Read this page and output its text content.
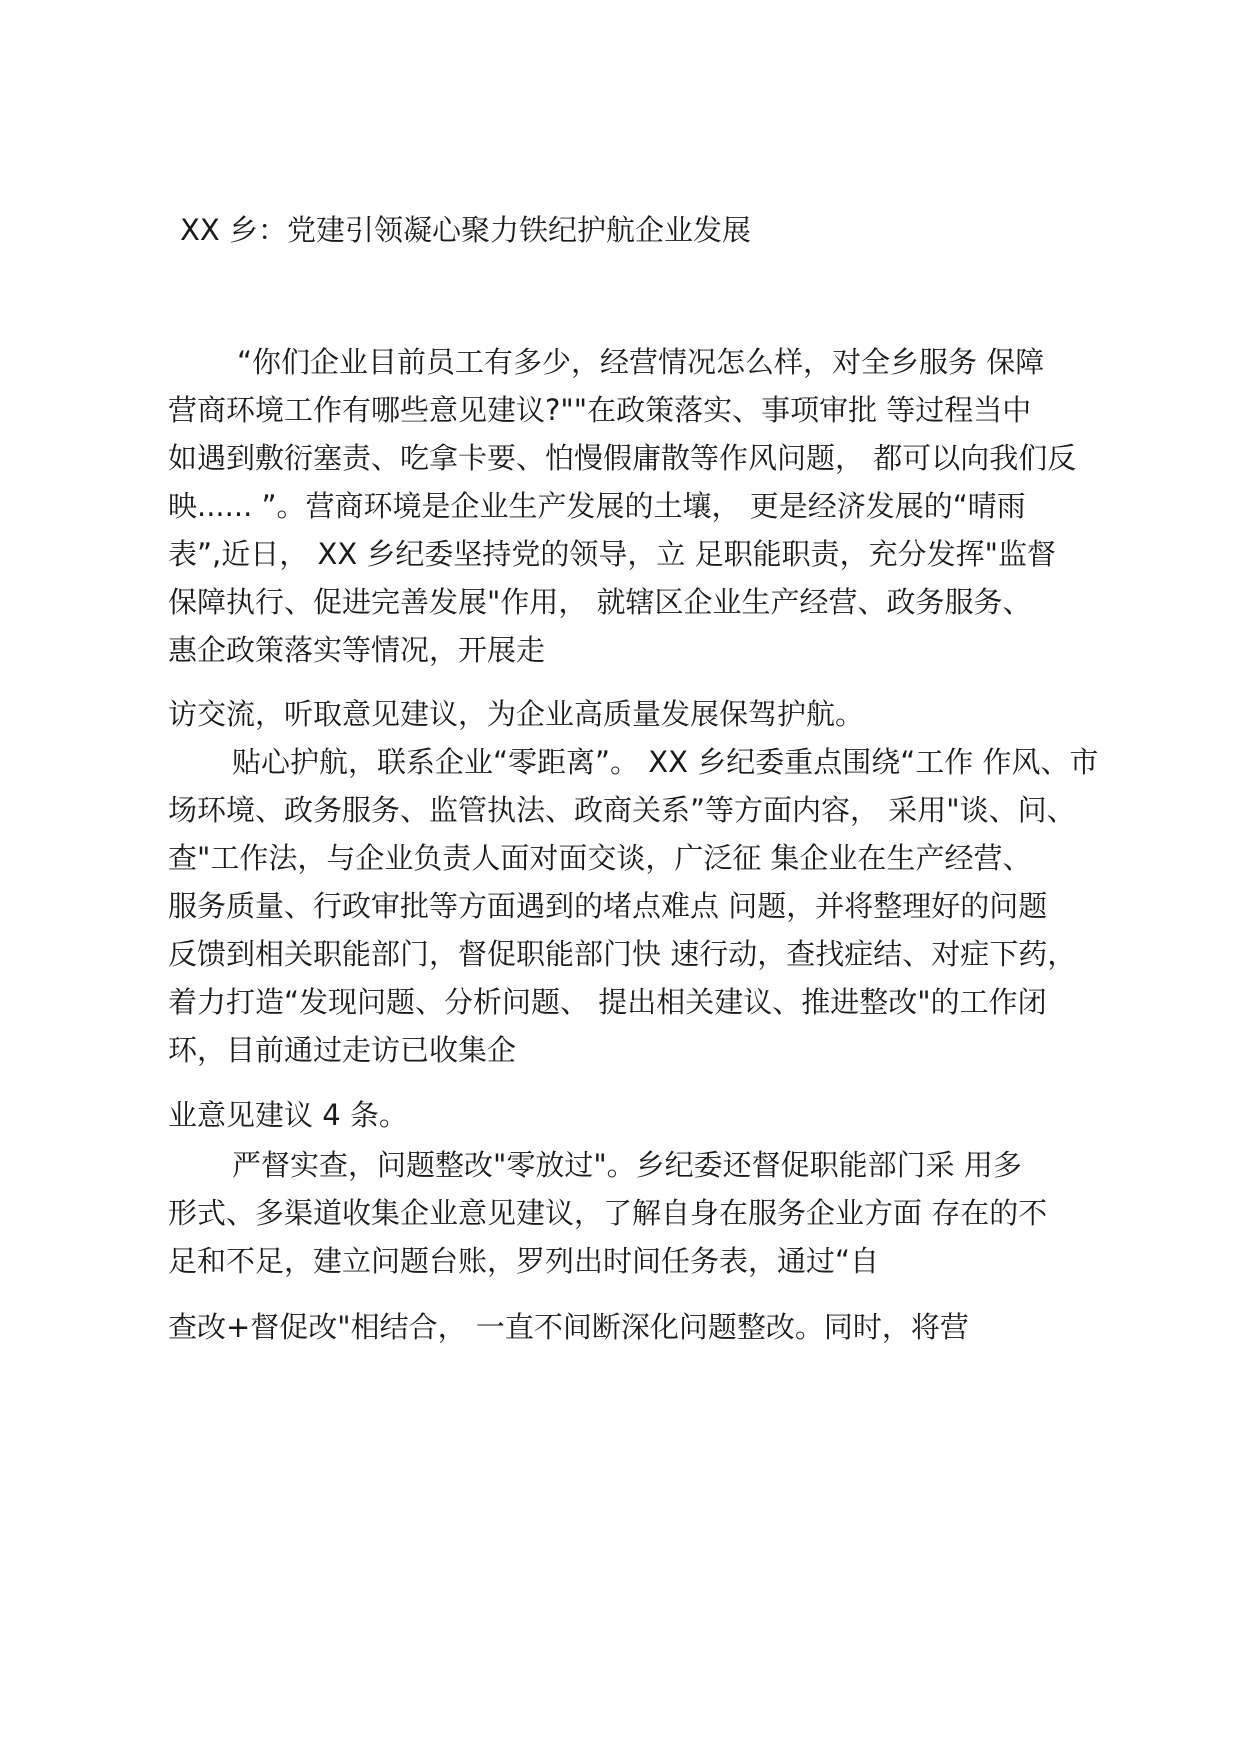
XX 乡：党建引领凝心聚力铁纪护航企业发展
“你们企业目前员工有多少，经营情况怎么样，对全乡服务 保障
营商环境工作有哪些意见建议?""在政策落实、事项审批 等过程当中
如遇到敷衍塞责、吃拿卡要、怕慢假庸散等作风问题， 都可以向我们反
映...... ”。营商环境是企业生产发展的土壤， 更是经济发展的“晴雨
表”,近日， XX 乡纪委坚持党的领导，立 足职能职责，充分发挥"监督
保障执行、促进完善发展"作用， 就辖区企业生产经营、政务服务、
惠企政策落实等情况，开展走
访交流，听取意见建议，为企业高质量发展保驾护航。
贴心护航，联系企业“零距离”。 XX 乡纪委重点围绕“工作 作风、市
场环境、政务服务、监管执法、政商关系”等方面内容， 采用"谈、问、
查"工作法，与企业负责人面对面交谈，广泛征 集企业在生产经营、
服务质量、行政审批等方面遇到的堵点难点 问题，并将整理好的问题
反馈到相关职能部门，督促职能部门快 速行动，查找症结、对症下药，
着力打造“发现问题、分析问题、 提出相关建议、推进整改"的工作闭
环，目前通过走访已收集企
业意见建议 4 条。
严督实查，问题整改"零放过"。乡纪委还督促职能部门采 用多
形式、多渠道收集企业意见建议，了解自身在服务企业方面 存在的不
足和不足，建立问题台账，罗列出时间任务表，通过“自
查改+督促改"相结合， 一直不间断深化问题整改。同时，将营
